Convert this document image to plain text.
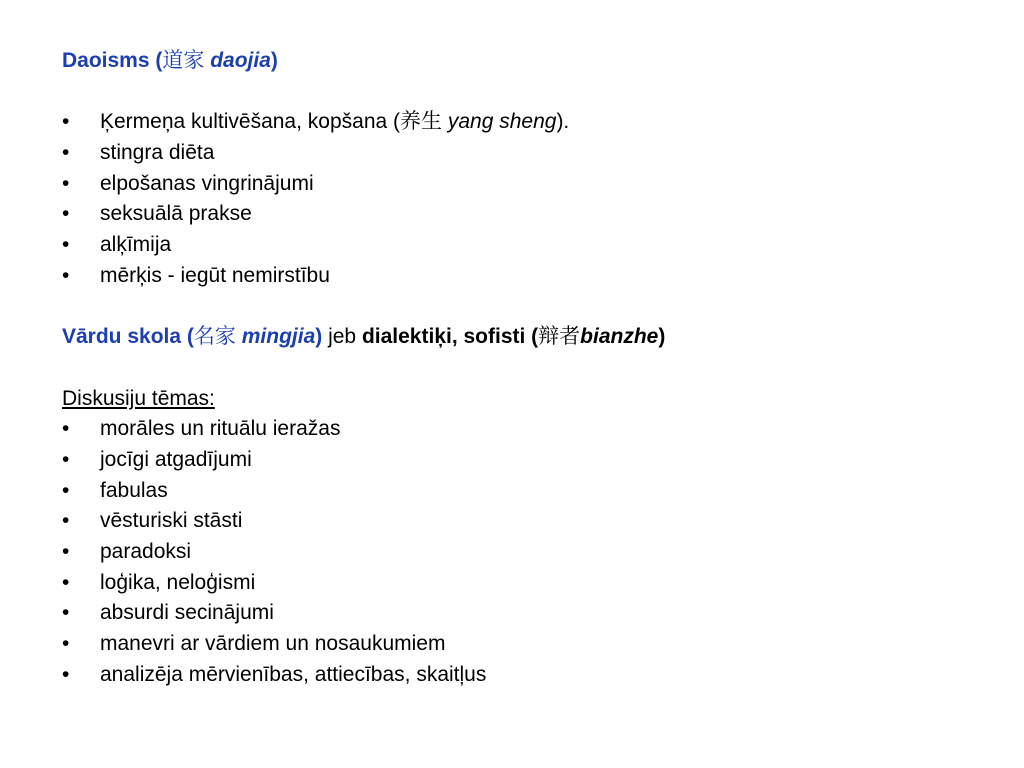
Daoisms (道家 daojia)
• Ķermeņa kultivēšana, kopšana (养生 yang sheng).
• stingra diēta
• elpošanas vingrinājumi
• seksuālā prakse
• alķīmija
• mērķis - iegūt nemirstību
Vārdu skola (名家 mingjia) jeb dialektiķi, sofisti (辩者bianzhe)
Diskusiju tēmas:
• morāles un rituālu ieražas
• jocīgi atgadījumi
• fabulas
• vēsturiski stāsti
• paradoksi
• loģika, neloģismi
• absurdi secinājumi
• manevri ar vārdiem un nosaukumiem
• analizēja mērvienības, attiecības, skaitļus
